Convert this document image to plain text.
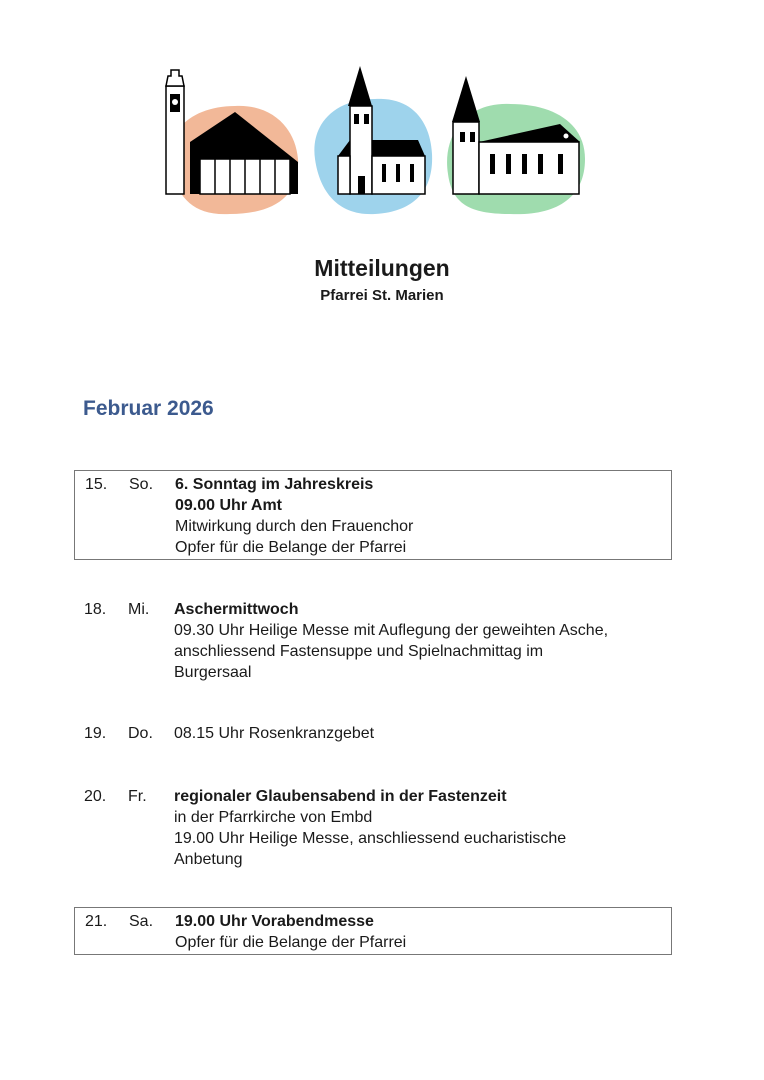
Mitteilungen
Pfarrei St. Marien
Februar 2026
15. So. 6. Sonntag im Jahreskreis
09.00 Uhr Amt
Mitwirkung durch den Frauenchor
Opfer für die Belange der Pfarrei
18. Mi. Aschermittwoch
09.30 Uhr Heilige Messe mit Auflegung der geweihten Asche,
anschliessend Fastensuppe und Spielnachmittag im
Burgersaal
19. Do. 08.15 Uhr Rosenkranzgebet
20. Fr. regionaler Glaubensabend in der Fastenzeit
in der Pfarrkirche von Embd
19.00 Uhr Heilige Messe, anschliessend eucharistische
Anbetung
21. Sa. 19.00 Uhr Vorabendmesse
Opfer für die Belange der Pfarrei
